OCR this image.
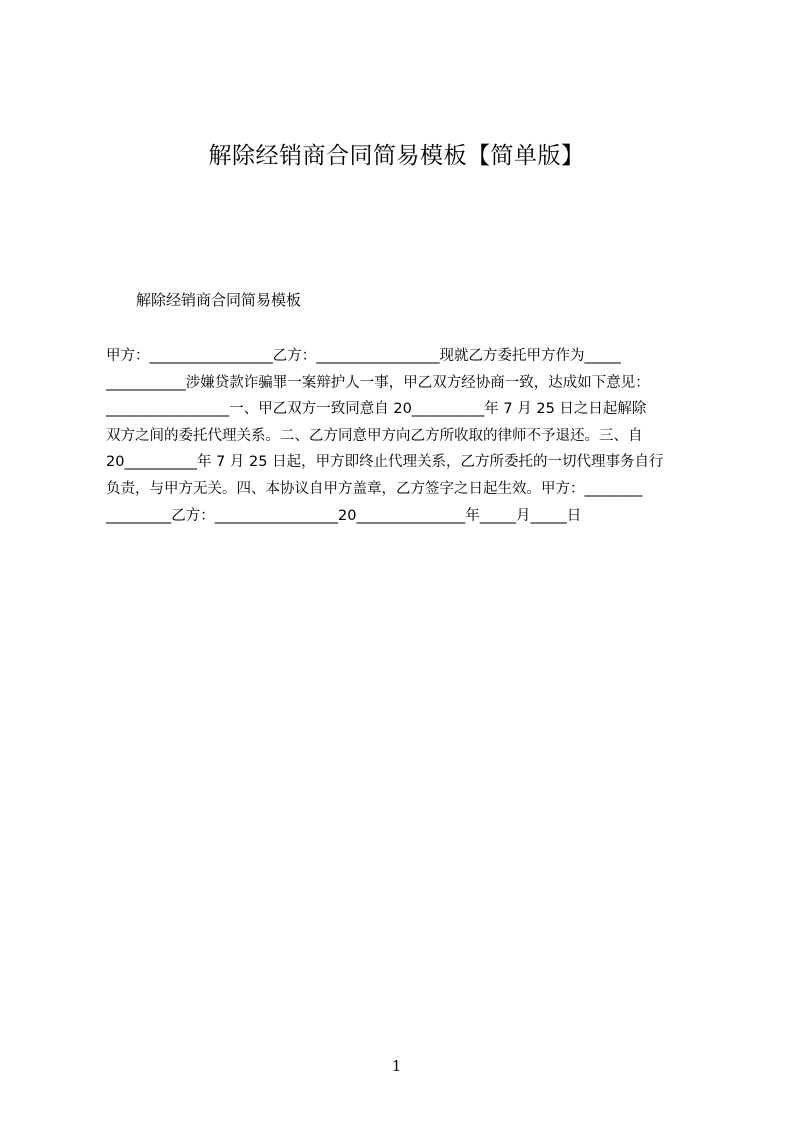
解除经销商合同简易模板【简单版】
解除经销商合同简易模板
甲方：_________________乙方：_________________现就乙方委托甲方作为_____
___________涉嫌贷款诈骗罪一案辩护人一事，甲乙双方经协商一致，达成如下意见：
_________________一、甲乙双方一致同意自 20__________年 7 月 25 日之日起解除
双方之间的委托代理关系。二、乙方同意甲方向乙方所收取的律师不予退还。三、自
20__________年 7 月 25 日起，甲方即终止代理关系，乙方所委托的一切代理事务自行
负责，与甲方无关。四、本协议自甲方盖章，乙方签字之日起生效。甲方：________
_________乙方：_________________20_______________年_____月_____日
1
